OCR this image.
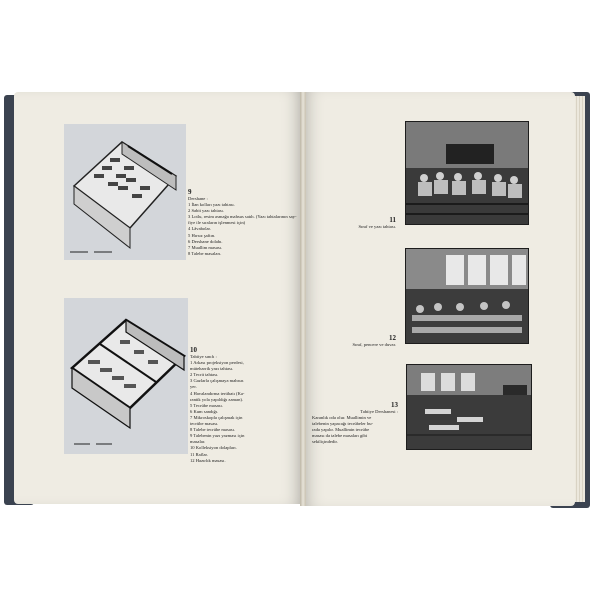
9
Dershane :
1 İlan kolları yazı tahtası.
2 Sabit yazı tahtası.
3 Lotlu, resim asmağa mahsus satıh. (Yazı tahtalarının say-
fiye ile sıraların işlenmesi için)
4 Lâvabolar.
5 Hırsız şaftın.
6 Dershane dolabı.
7 Muallim masası.
8 Talebe masaları.
10
Tabiiye sınıfı :
1 Arkası projeksiyon perdesi,
müteharrik yazı tahtası.
2 Tecrit tahtası.
3 Gazlarla çalışmaya mahsus
yer.
4 Havalandırma tertibatı (Ka-
rantik yola yapıldığı zaman).
5 Tecrübe masası.
6 Kum sandığı.
7 Mikroskopla çalışmak için
tecrübe masası.
8 Talebe tecrübe masası.
9 Talebenin yazı yazması için
masalar.
10 Kolleksiyon dolapları.
11 Raflar.
12 Hazırlık masası.
11
Sınıf ve yazı tahtası.
12
Sınıf, pencere ve duvar.
13
Tabiiye Dershanesi :
Karanlık oda olur. Muallimin ve
talebenin yapacağı tecrübeler bu-
rada yapılır. Muallimin tecrübe
masası da talebe masaları gibi
sekiliçindedir.
